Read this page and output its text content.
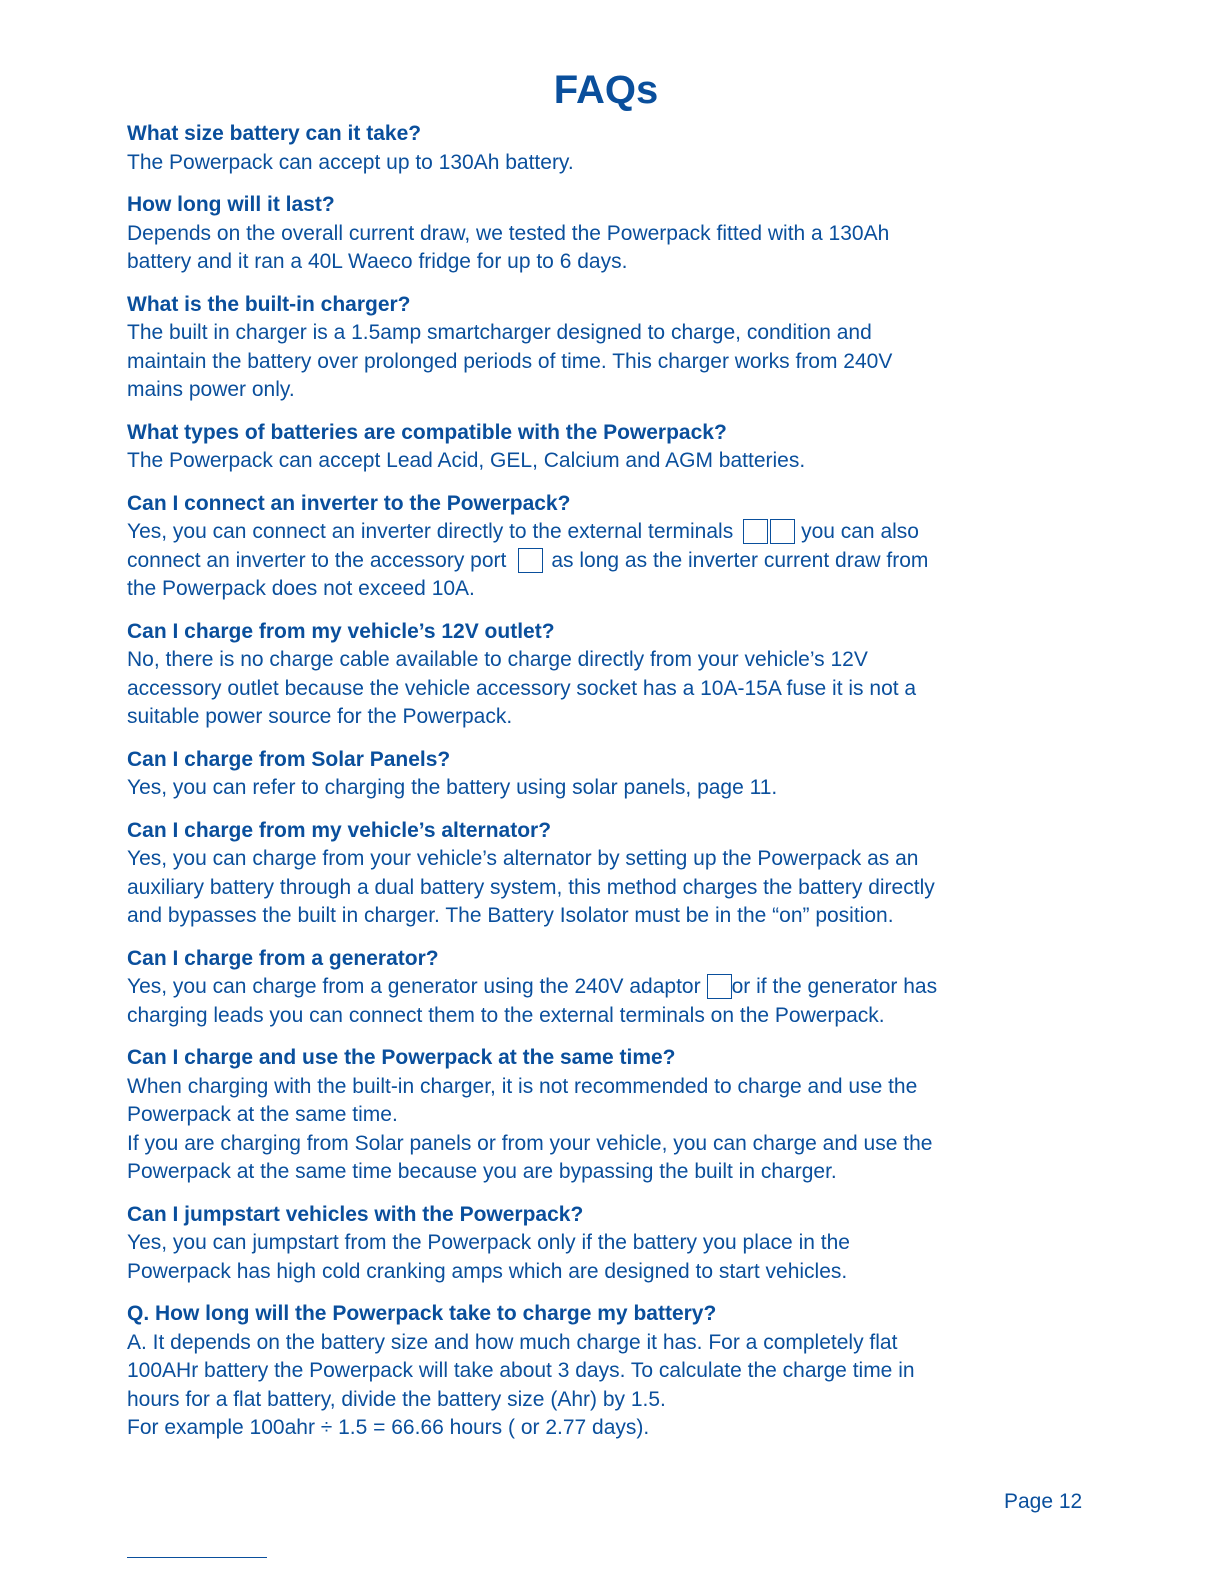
FAQs

What size battery can it take?

The Powerpack can accept up to 130Ah battery.

How long will it last?

Depends on the overall current draw, we tested the Powerpack fitted with a 130Ah

battery and it ran a 40L Waeco fridge for up to 6 days.

What is the built-in charger?

The built in charger is a 1.5amp smartcharger designed to charge, condition and

maintain the battery over prolonged periods of time. This charger works from 240V

mains power only.

What types of batteries are compatible with the Powerpack?

The Powerpack can accept Lead Acid, GEL, Calcium and AGM batteries.

Can I connect an inverter to the Powerpack?

Yes, you can connect an inverter directly to the external terminals	you can also

connect an inverter to the accessory port as long as the inverter current draw from

the Powerpack does not exceed 10A.

Can I charge from my vehicle’s 12V outlet?

No, there is no charge cable available to charge directly from your vehicle’s 12V

accessory outlet because the vehicle accessory socket has a 10A-15A fuse it is not a

suitable power source for the Powerpack.

Can I charge from Solar Panels?

Yes, you can refer to charging the battery using solar panels, page 11.

Can I charge from my vehicle’s alternator?

Yes, you can charge from your vehicle’s alternator by setting up the Powerpack as an

auxiliary battery through a dual battery system, this method charges the battery directly

and bypasses the built in charger. The Battery Isolator must be in the “on” position.

Can I charge from a generator?

Yes, you can charge from a generator using the 240V adaptor or if the generator has

charging leads you can connect them to the external terminals on the Powerpack.

Can I charge and use the Powerpack at the same time?

When charging with the built-in charger, it is not recommended to charge and use the

Powerpack at the same time.

If you are charging from Solar panels or from your vehicle, you can charge and use the

Powerpack at the same time because you are bypassing the built in charger.

Can I jumpstart vehicles with the Powerpack?

Yes, you can jumpstart from the Powerpack only if the battery you place in the

Powerpack has high cold cranking amps which are designed to start vehicles.

Q. How long will the Powerpack take to charge my battery?

A. It depends on the battery size and how much charge it has. For a completely flat

100AHr battery the Powerpack will take about 3 days. To calculate the charge time in

hours for a flat battery, divide the battery size (Ahr) by 1.5.

For example 100ahr ÷ 1.5 = 66.66 hours ( or 2.77 days).

Page 12
